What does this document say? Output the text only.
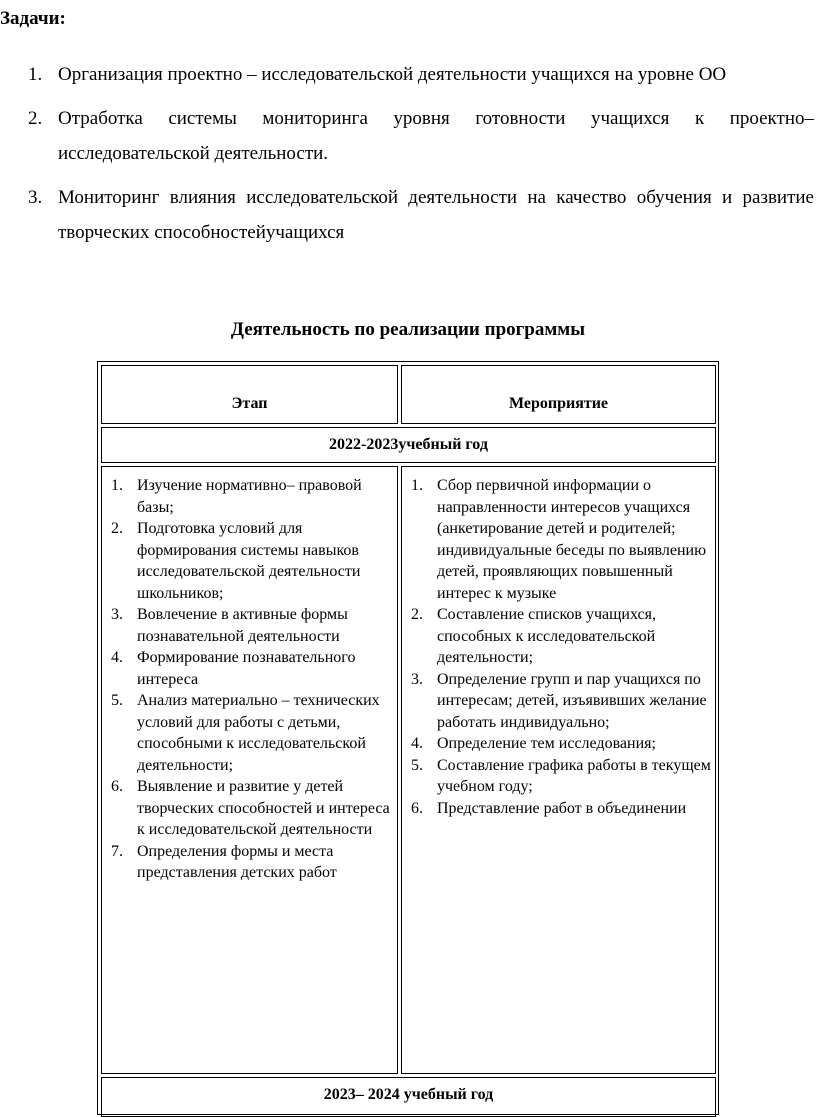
Задачи:
1. Организация проектно – исследовательской деятельности учащихся на уровне ОО
2. Отработка системы мониторинга уровня готовности учащихся к проектно– исследовательской деятельности.
3. Мониторинг влияния исследовательской деятельности на качество обучения и развитие творческих способностейучащихся
Деятельность по реализации программы
Этап	Мероприятие
2022-2023учебный год
1. Изучение нормативно– правовой базы;
2. Подготовка условий для формирования системы навыков исследовательской деятельности школьников;
3. Вовлечение в активные формы познавательной деятельности
4. Формирование познавательного интереса
5. Анализ материально – технических условий для работы с детьми, способными к исследовательской деятельности;
6. Выявление и развитие у детей творческих способностей и интереса к исследовательской деятельности
7. Определения формы и места представления детских работ
1. Сбор первичной информации о направленности интересов учащихся (анкетирование детей и родителей; индивидуальные беседы по выявлению детей, проявляющих повышенный интерес к музыке
2. Составление списков учащихся, способных к исследовательской деятельности;
3. Определение групп и пар учащихся по интересам; детей, изъявивших желание работать индивидуально;
4. Определение тем исследования;
5. Составление графика работы в текущем учебном году;
6. Представление работ в объединении
2023– 2024 учебный год
